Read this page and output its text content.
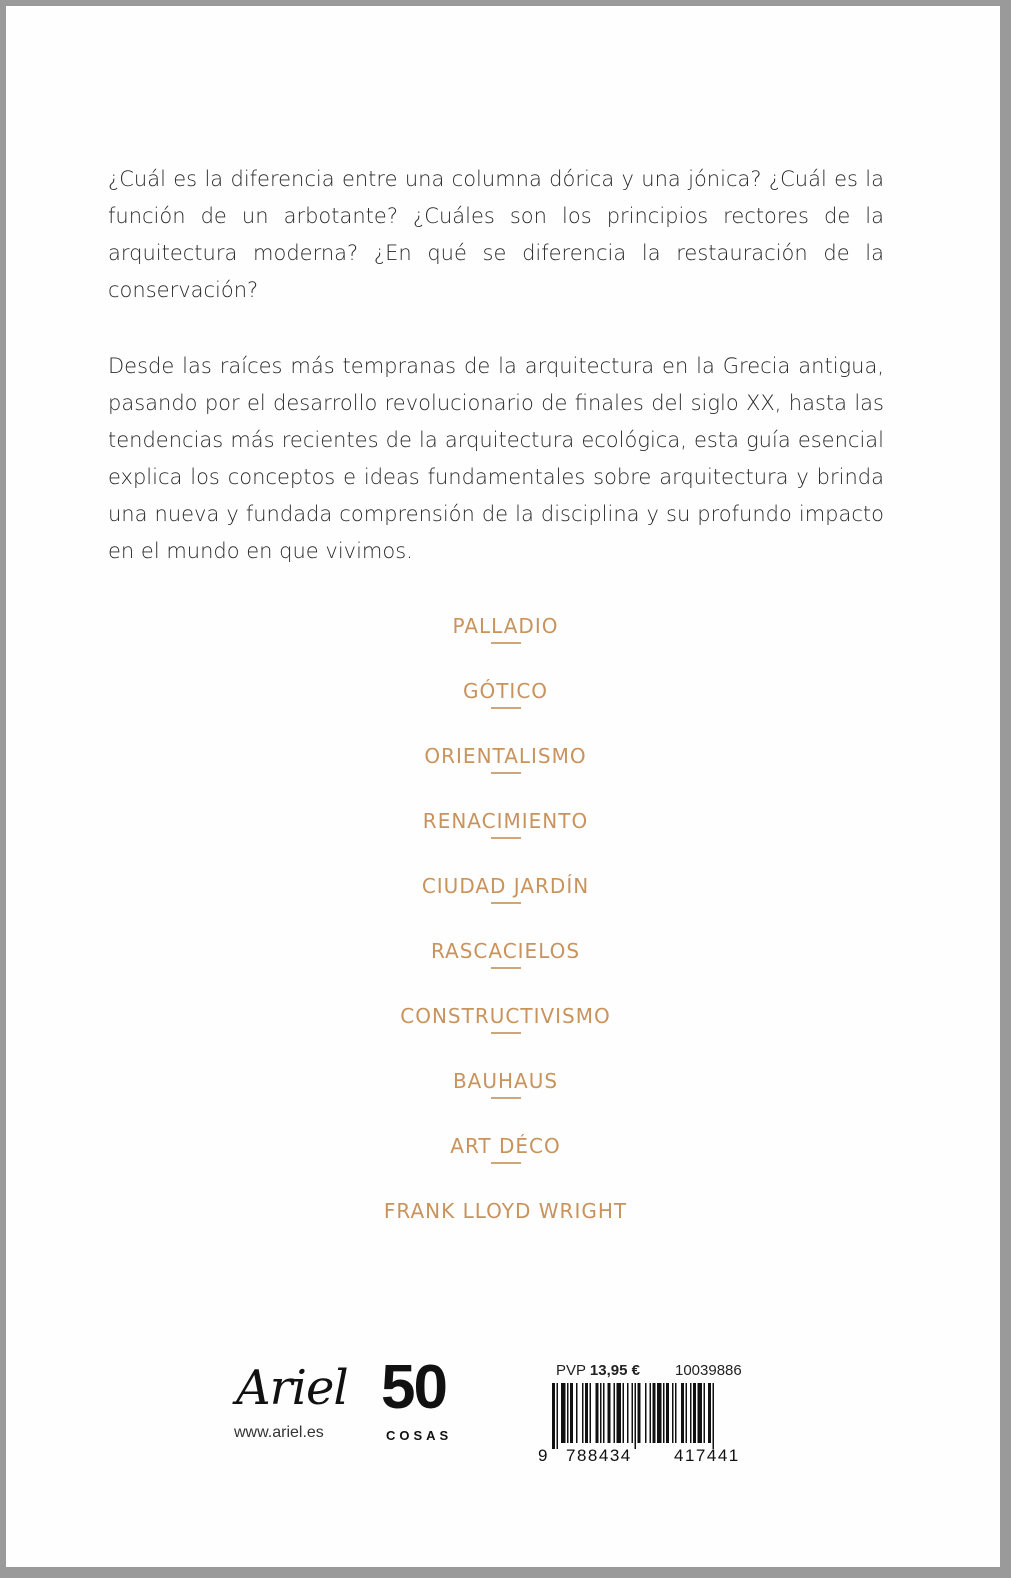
¿Cuál es la diferencia entre una columna dórica y una jónica? ¿Cuál es la función de un arbotante? ¿Cuáles son los principios rectores de la arquitectura moderna? ¿En qué se diferencia la restauración de la conservación?

Desde las raíces más tempranas de la arquitectura en la Grecia antigua, pasando por el desarrollo revolucionario de finales del siglo XX, hasta las tendencias más recientes de la arquitectura ecológica, esta guía esencial explica los conceptos e ideas fundamentales sobre arquitectura y brinda una nueva y fundada comprensión de la disciplina y su profundo impacto en el mundo en que vivimos.

PALLADIO
GÓTICO
ORIENTALISMO
RENACIMIENTO
CIUDAD JARDÍN
RASCACIELOS
CONSTRUCTIVISMO
BAUHAUS
ART DÉCO
FRANK LLOYD WRIGHT
Ariel
www.ariel.es
50
COSAS
PVP 13,95 € 10039886
9 788434 417441
